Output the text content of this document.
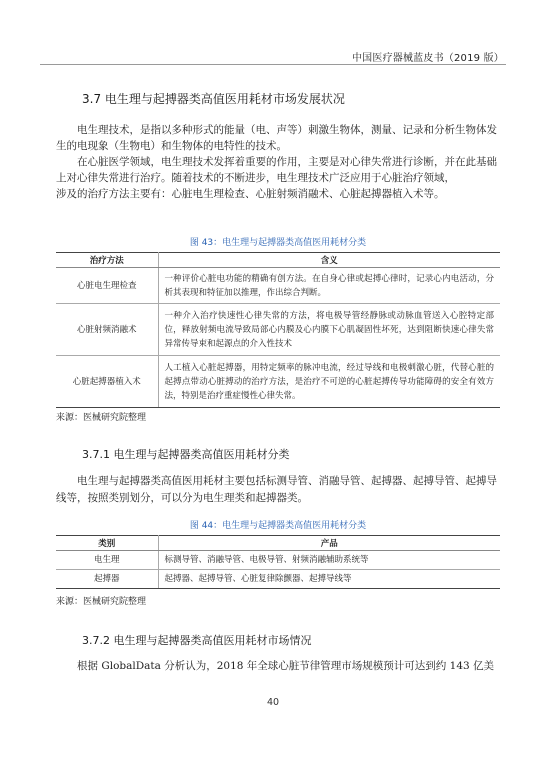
中国医疗器械蓝皮书（2019 版）
3.7 电生理与起搏器类高值医用耗材市场发展状况

电生理技术，是指以多种形式的能量（电、声等）刺激生物体，测量、记录和分析生物体发生的电现象（生物电）和生物体的电特性的技术。

在心脏医学领域，电生理技术发挥着重要的作用，主要是对心律失常进行诊断，并在此基础上对心律失常进行治疗。随着技术的不断进步，电生理技术广泛应用于心脏治疗领域，

涉及的治疗方法主要有：心脏电生理检查、心脏射频消融术、心脏起搏器植入术等。

图 43：电生理与起搏器类高值医用耗材分类
治疗方法	含义
心脏电生理检查	一种评价心脏电功能的精确有创方法。在自身心律或起搏心律时，记录心内电活动，分析其表现和特征加以推理，作出综合判断。
心脏射频消融术	一种介入治疗快速性心律失常的方法，将电极导管经静脉或动脉血管送入心腔特定部位，释放射频电流导致局部心内膜及心内膜下心肌凝固性坏死，达到阻断快速心律失常异常传导束和起源点的介入性技术
心脏起搏器植入术	人工植入心脏起搏器，用特定频率的脉冲电流，经过导线和电极刺激心脏，代替心脏的起搏点带动心脏搏动的治疗方法，是治疗不可逆的心脏起搏传导功能障碍的安全有效方法，特别是治疗重症慢性心律失常。
来源：医械研究院整理
3.7.1 电生理与起搏器类高值医用耗材分类
电生理与起搏器类高值医用耗材主要包括标测导管、消融导管、起搏器、起搏导管、起搏导线等，按照类别划分，可以分为电生理类和起搏器类。
图 44：电生理与起搏器类高值医用耗材分类
类别	产品
电生理	标测导管、消融导管、电极导管、射频消融辅助系统等
起搏器	起搏器、起搏导管、心脏复律除颤器、起搏导线等
来源：医械研究院整理
3.7.2 电生理与起搏器类高值医用耗材市场情况
根据 GlobalData 分析认为，2018 年全球心脏节律管理市场规模预计可达到约 143 亿美
40
